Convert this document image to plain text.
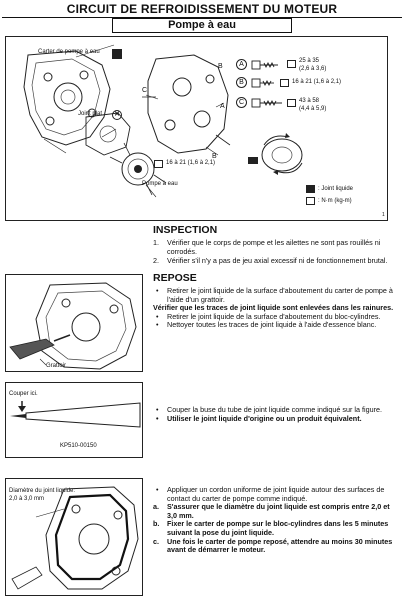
CIRCUIT DE REFROIDISSEMENT DU MOTEUR
Pompe à eau
Carter de pompe à eau
Joint plat ✕
Pompe à eau
C
B
A
B
A	25 à 35
(2,6 à 3,6)
B	16 à 21 (1,6 à 2,1)
C	43 à 58
(4,4 à 5,9)
16 à 21 (1,6 à 2,1)
: Joint liquide
: N·m (kg-m)
1
INSPECTION
1.	Vérifier que le corps de pompe et les ailettes ne sont pas rouillés ni corrodés.
2.	Vérifier s'il n'y a pas de jeu axial excessif ni de fonctionnement brutal.
REPOSE
Grattoir
•	Retirer le joint liquide de la surface d'aboutement du carter de pompe à l'aide d'un grattoir.
Vérifier que les traces de joint liquide sont enlevées dans les rainures.
•	Retirer le joint liquide de la surface d'aboutement du bloc-cylindres.
•	Nettoyer toutes les traces de joint liquide à l'aide d'essence blanc.
Couper ici.
KP510-00150
•	Couper la buse du tube de joint liquide comme indiqué sur la figure.
•	Utiliser le joint liquide d'origine ou un produit équivalent.
Diamètre du joint liquide:
2,0 à 3,0 mm
•	Appliquer un cordon uniforme de joint liquide autour des surfaces de contact du carter de pompe comme indiqué.
a.	S'assurer que le diamètre du joint liquide est compris entre 2,0 et 3,0 mm.
b.	Fixer le carter de pompe sur le bloc-cylindres dans les 5 minutes suivant la pose du joint liquide.
c.	Une fois le carter de pompe reposé, attendre au moins 30 minutes avant de démarrer le moteur.
